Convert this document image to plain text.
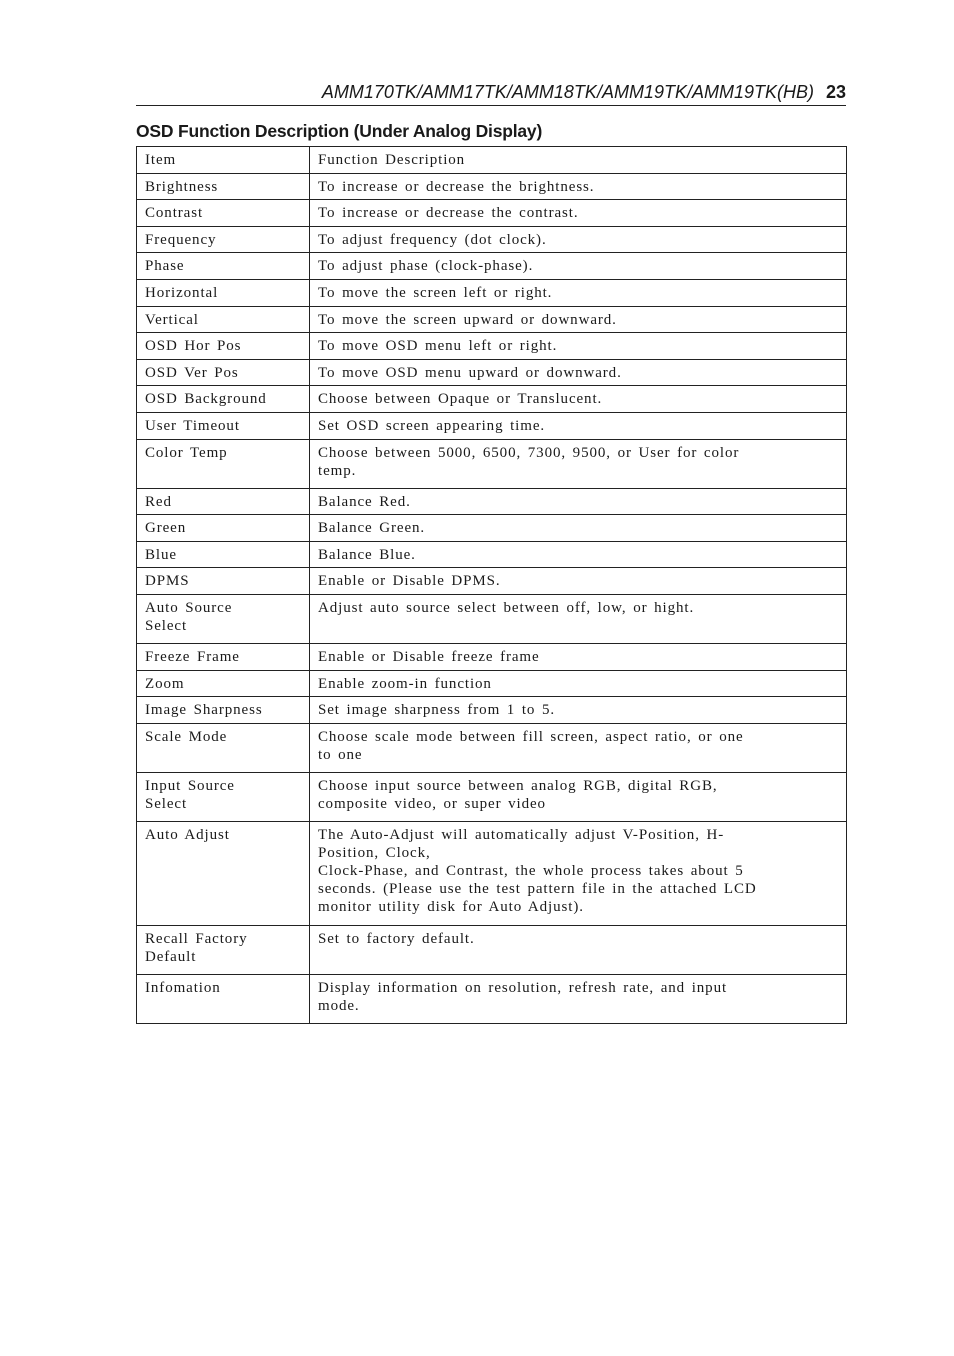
AMM170TK/AMM17TK/AMM18TK/AMM19TK/AMM19TK(HB) 23
OSD Function Description (Under Analog Display)
Item	Function Description

Brightness	To increase or decrease the brightness.

Contrast	To increase or decrease the contrast.

Frequency	To adjust frequency (dot clock).

Phase	To adjust phase (clock-phase).

Horizontal	To move the screen left or right.

Vertical	To move the screen upward or downward.

OSD Hor Pos	To move OSD menu left or right.

OSD Ver Pos	To move OSD menu upward or downward.

OSD Background	Choose between Opaque or Translucent.

User Timeout	Set OSD screen appearing time.

Color Temp	Choose between 5000, 6500, 7300, 9500, or User for color
temp.

Red	Balance Red.

Green	Balance Green.

Blue	Balance Blue.

DPMS	Enable or Disable DPMS.

Auto Source
Select	Adjust auto source select between off, low, or hight.

Freeze Frame	Enable or Disable freeze frame

Zoom	Enable zoom-in function

Image Sharpness	Set image sharpness from 1 to 5.

Scale Mode	Choose scale mode between fill screen, aspect ratio, or one
to one

Input Source
Select	Choose input source between analog RGB, digital RGB,
composite video, or super video

Auto Adjust	The Auto-Adjust will automatically adjust V-Position, H-
Position, Clock,
Clock-Phase, and Contrast, the whole process takes about 5
seconds. (Please use the test pattern file in the attached LCD
monitor utility disk for Auto Adjust).

Recall Factory
Default	Set to factory default.

Infomation	Display information on resolution, refresh rate, and input
mode.
